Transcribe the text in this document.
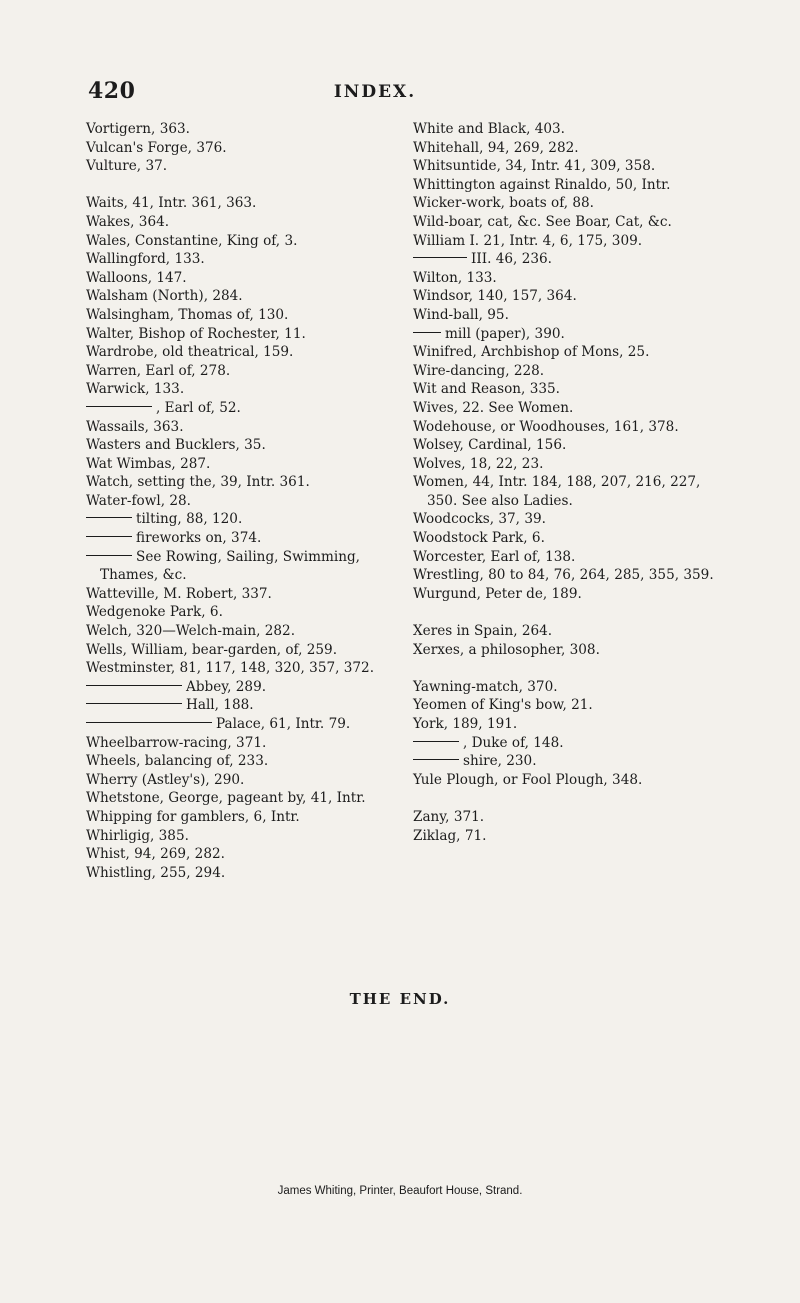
420	INDEX.
Vortigern, 363.
Vulcan's Forge, 376.
Vulture, 37.
Waits, 41, Intr. 361, 363.
Wakes, 364.
Wales, Constantine, King of, 3.
Wallingford, 133.
Walloons, 147.
Walsham (North), 284.
Walsingham, Thomas of, 130.
Walter, Bishop of Rochester, 11.
Wardrobe, old theatrical, 159.
Warren, Earl of, 278.
Warwick, 133.
, Earl of, 52.
Wassails, 363.
Wasters and Bucklers, 35.
Wat Wimbas, 287.
Watch, setting the, 39, Intr. 361.
Water-fowl, 28.
tilting, 88, 120.
fireworks on, 374.
See Rowing, Sailing, Swimming, Thames, &c.
Watteville, M. Robert, 337.
Wedgenoke Park, 6.
Welch, 320—Welch-main, 282.
Wells, William, bear-garden, of, 259.
Westminster, 81, 117, 148, 320, 357, 372.
Abbey, 289.
Hall, 188.
Palace, 61, Intr. 79.
Wheelbarrow-racing, 371.
Wheels, balancing of, 233.
Wherry (Astley's), 290.
Whetstone, George, pageant by, 41, Intr.
Whipping for gamblers, 6, Intr.
Whirligig, 385.
Whist, 94, 269, 282.
Whistling, 255, 294.
White and Black, 403.
Whitehall, 94, 269, 282.
Whitsuntide, 34, Intr. 41, 309, 358.
Whittington against Rinaldo, 50, Intr.
Wicker-work, boats of, 88.
Wild-boar, cat, &c. See Boar, Cat, &c.
William I. 21, Intr. 4, 6, 175, 309.
III. 46, 236.
Wilton, 133.
Windsor, 140, 157, 364.
Wind-ball, 95.
mill (paper), 390.
Winifred, Archbishop of Mons, 25.
Wire-dancing, 228.
Wit and Reason, 335.
Wives, 22. See Women.
Wodehouse, or Woodhouses, 161, 378.
Wolsey, Cardinal, 156.
Wolves, 18, 22, 23.
Women, 44, Intr. 184, 188, 207, 216, 227, 350. See also Ladies.
Woodcocks, 37, 39.
Woodstock Park, 6.
Worcester, Earl of, 138.
Wrestling, 80 to 84, 76, 264, 285, 355, 359.
Wurgund, Peter de, 189.
Xeres in Spain, 264.
Xerxes, a philosopher, 308.
Yawning-match, 370.
Yeomen of King's bow, 21.
York, 189, 191.
, Duke of, 148.
shire, 230.
Yule Plough, or Fool Plough, 348.
Zany, 371.
Ziklag, 71.
THE END.
James Whiting, Printer, Beaufort House, Strand.
